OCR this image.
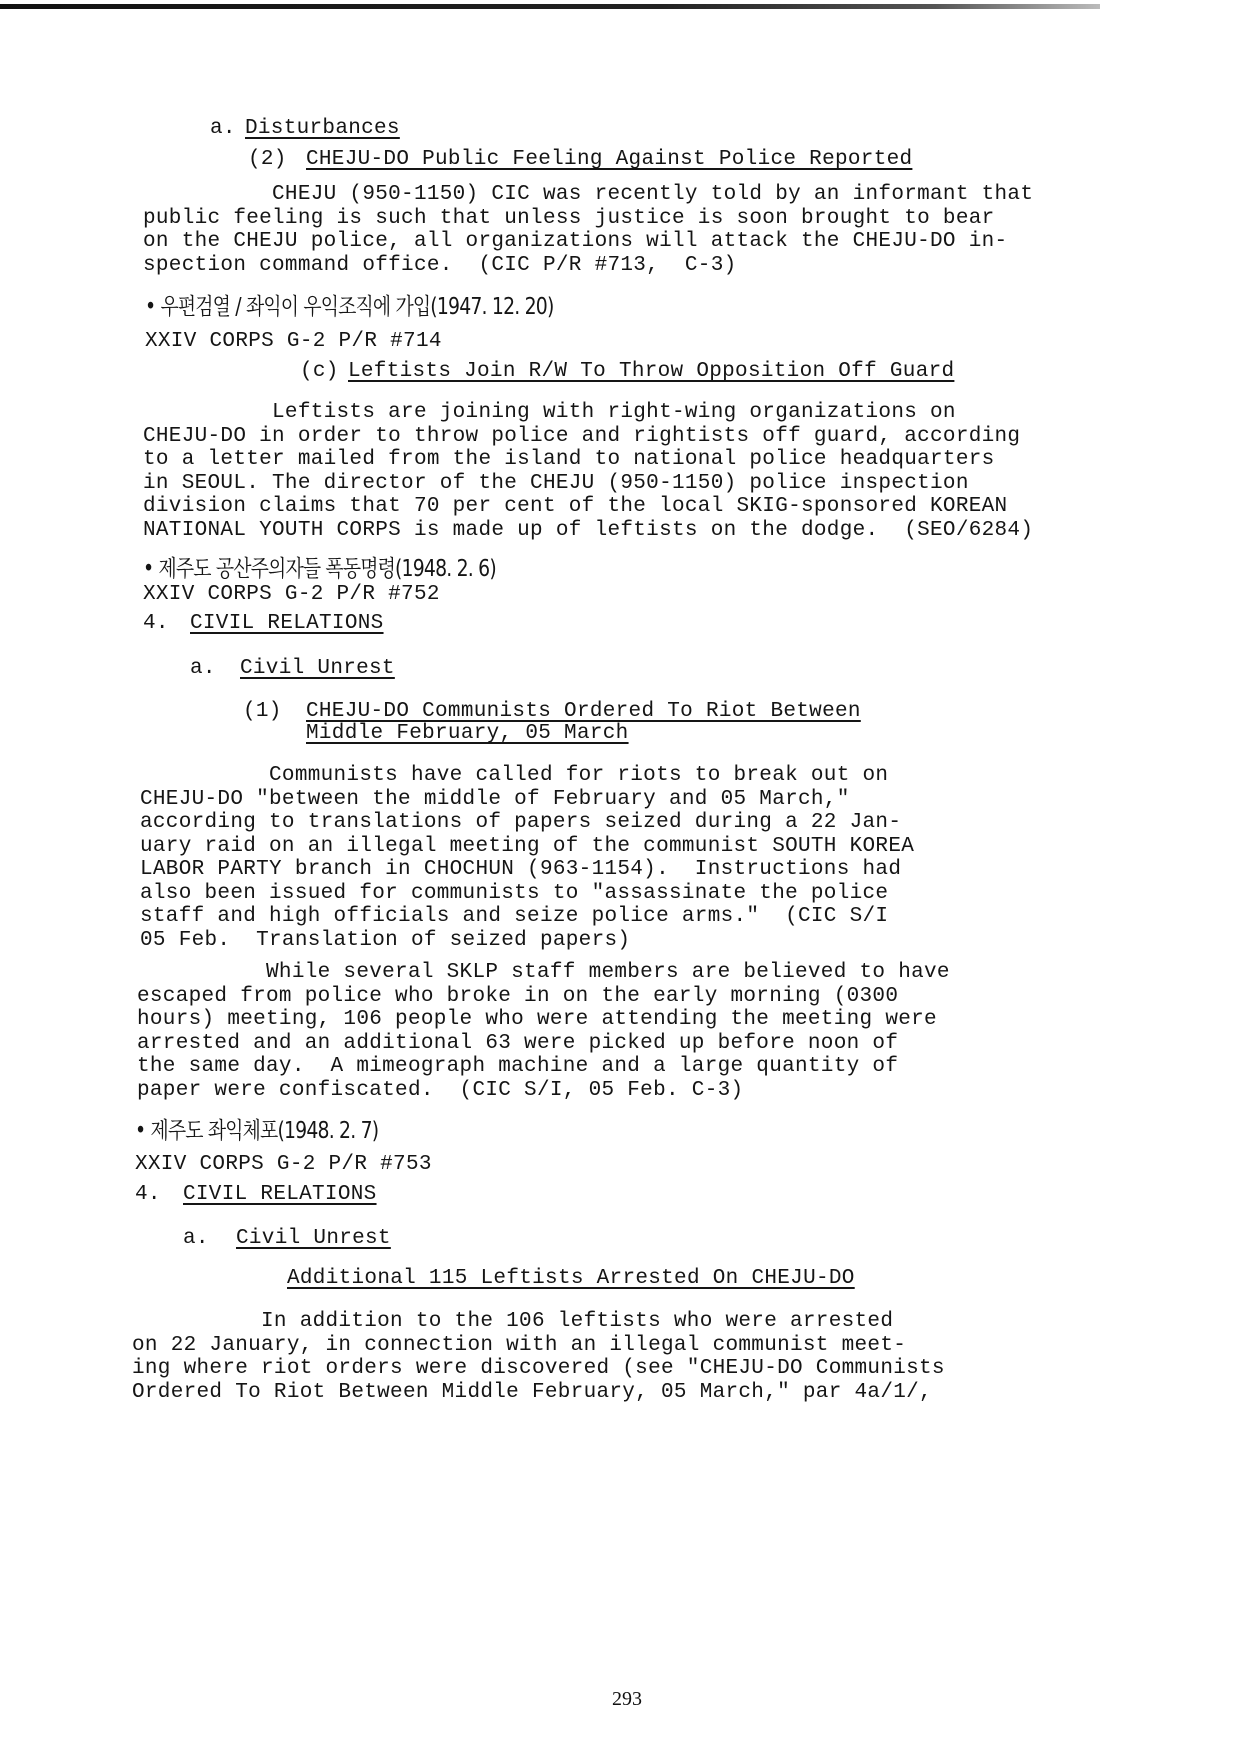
a. Disturbances
(2) CHEJU-DO Public Feeling Against Police Reported
CHEJU (950-1150) CIC was recently told by an informant that
public feeling is such that unless justice is soon brought to bear
on the CHEJU police, all organizations will attack the CHEJU-DO in-
spection command office.  (CIC P/R #713,  C-3)
• 우편검열 / 좌익이 우익조직에 가입(1947. 12. 20)
XXIV CORPS G-2 P/R #714
(c) Leftists Join R/W To Throw Opposition Off Guard
Leftists are joining with right-wing organizations on
CHEJU-DO in order to throw police and rightists off guard, according
to a letter mailed from the island to national police headquarters
in SEOUL. The director of the CHEJU (950-1150) police inspection
division claims that 70 per cent of the local SKIG-sponsored KOREAN
NATIONAL YOUTH CORPS is made up of leftists on the dodge.  (SEO/6284)
• 제주도 공산주의자들 폭동명령(1948. 2. 6)
XXIV CORPS G-2 P/R #752
4. CIVIL RELATIONS
a. Civil Unrest
(1) CHEJU-DO Communists Ordered To Riot Between
Middle February, 05 March
Communists have called for riots to break out on
CHEJU-DO "between the middle of February and 05 March,"
according to translations of papers seized during a 22 Jan-
uary raid on an illegal meeting of the communist SOUTH KOREA
LABOR PARTY branch in CHOCHUN (963-1154).  Instructions had
also been issued for communists to "assassinate the police
staff and high officials and seize police arms."  (CIC S/I
05 Feb.  Translation of seized papers)
While several SKLP staff members are believed to have
escaped from police who broke in on the early morning (0300
hours) meeting, 106 people who were attending the meeting were
arrested and an additional 63 were picked up before noon of
the same day.  A mimeograph machine and a large quantity of
paper were confiscated.  (CIC S/I, 05 Feb. C-3)
• 제주도 좌익체포(1948. 2. 7)
XXIV CORPS G-2 P/R #753
4. CIVIL RELATIONS
a. Civil Unrest
Additional 115 Leftists Arrested On CHEJU-DO
In addition to the 106 leftists who were arrested
on 22 January, in connection with an illegal communist meet-
ing where riot orders were discovered (see "CHEJU-DO Communists
Ordered To Riot Between Middle February, 05 March," par 4a/1/,
293
